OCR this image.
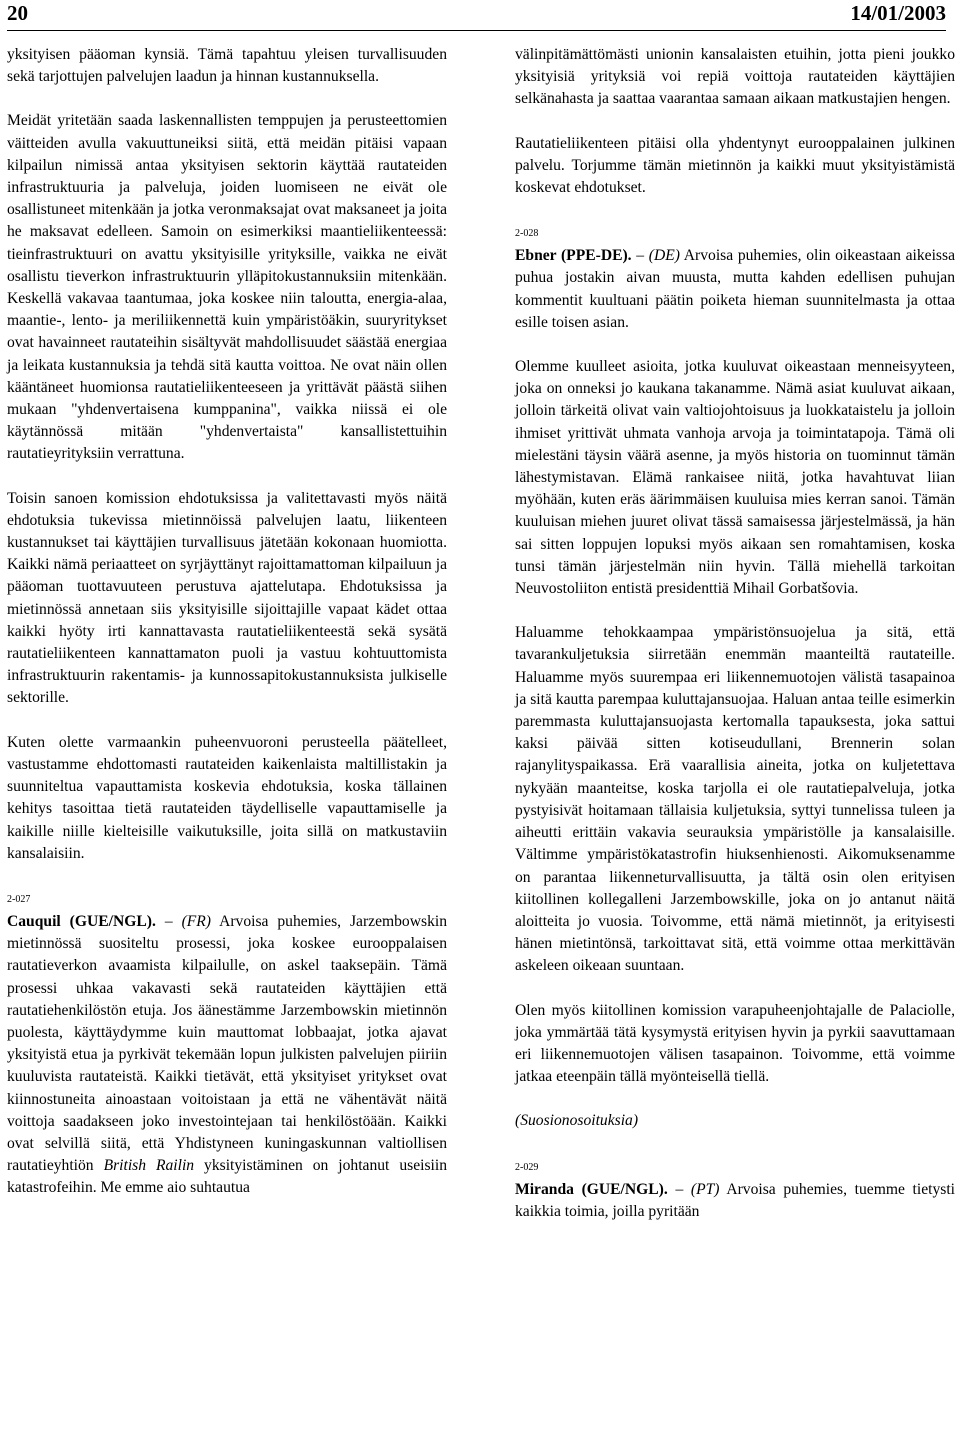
20	14/01/2003

yksityisen pääoman kynsiä. Tämä tapahtuu yleisen turvallisuuden sekä tarjottujen palvelujen laadun ja hinnan kustannuksella.

Meidät yritetään saada laskennallisten temppujen ja perusteettomien väitteiden avulla vakuuttuneiksi siitä, että meidän pitäisi vapaan kilpailun nimissä antaa yksityisen sektorin käyttää rautateiden infrastruktuuria ja palveluja, joiden luomiseen ne eivät ole osallistuneet mitenkään ja jotka veronmaksajat ovat maksaneet ja joita he maksavat edelleen. Samoin on esimerkiksi maantieliikenteessä: tieinfrastruktuuri on avattu yksityisille yrityksille, vaikka ne eivät osallistu tieverkon infrastruktuurin ylläpitokustannuksiin mitenkään. Keskellä vakavaa taantumaa, joka koskee niin taloutta, energia-alaa, maantie-, lento- ja meriliikennettä kuin ympäristöäkin, suuryritykset ovat havainneet rautateihin sisältyvät mahdollisuudet säästää energiaa ja leikata kustannuksia ja tehdä sitä kautta voittoa. Ne ovat näin ollen kääntäneet huomionsa rautatieliikenteeseen ja yrittävät päästä siihen mukaan "yhdenvertaisena kumppanina", vaikka niissä ei ole käytännössä mitään "yhdenvertaista" kansallistettuihin rautatieyrityksiin verrattuna.

Toisin sanoen komission ehdotuksissa ja valitettavasti myös näitä ehdotuksia tukevissa mietinnöissä palvelujen laatu, liikenteen kustannukset tai käyttäjien turvallisuus jätetään kokonaan huomiotta. Kaikki nämä periaatteet on syrjäyttänyt rajoittamattoman kilpailuun ja pääoman tuottavuuteen perustuva ajattelutapa. Ehdotuksissa ja mietinnössä annetaan siis yksityisille sijoittajille vapaat kädet ottaa kaikki hyöty irti kannattavasta rautatieliikenteestä sekä sysätä rautatieliikenteen kannattamaton puoli ja vastuu kohtuuttomista infrastruktuurin rakentamis- ja kunnossapitokustannuksista julkiselle sektorille.

Kuten olette varmaankin puheenvuoroni perusteella päätelleet, vastustamme ehdottomasti rautateiden kaikenlaista maltillistakin ja suunniteltua vapauttamista koskevia ehdotuksia, koska tällainen kehitys tasoittaa tietä rautateiden täydelliselle vapauttamiselle ja kaikille niille kielteisille vaikutuksille, joita sillä on matkustaviin kansalaisiin.

2-027

Cauquil (GUE/NGL). – (FR) Arvoisa puhemies, Jarzembowskin mietinnössä suositeltu prosessi, joka koskee eurooppalaisen rautatieverkon avaamista kilpailulle, on askel taaksepäin. Tämä prosessi uhkaa vakavasti sekä rautateiden käyttäjien että rautatiehenkilöstön etuja. Jos äänestämme Jarzembowskin mietinnön puolesta, käyttäydymme kuin mauttomat lobbaajat, jotka ajavat yksityistä etua ja pyrkivät tekemään lopun julkisten palvelujen piiriin kuuluvista rautateistä. Kaikki tietävät, että yksityiset yritykset ovat kiinnostuneita ainoastaan voitoistaan ja että ne vähentävät näitä voittoja saadakseen joko investointejaan tai henkilöstöään. Kaikki ovat selvillä siitä, että Yhdistyneen kuningaskunnan valtiollisen rautatieyhtiön British Railin yksityistäminen on johtanut useisiin katastrofeihin. Me emme aio suhtautua

välinpitämättömästi unionin kansalaisten etuihin, jotta pieni joukko yksityisiä yrityksiä voi repiä voittoja rautateiden käyttäjien selkänahasta ja saattaa vaarantaa samaan aikaan matkustajien hengen.

Rautatieliikenteen pitäisi olla yhdentynyt eurooppalainen julkinen palvelu. Torjumme tämän mietinnön ja kaikki muut yksityistämistä koskevat ehdotukset.

2-028

Ebner (PPE-DE). – (DE) Arvoisa puhemies, olin oikeastaan aikeissa puhua jostakin aivan muusta, mutta kahden edellisen puhujan kommentit kuultuani päätin poiketa hieman suunnitelmasta ja ottaa esille toisen asian.

Olemme kuulleet asioita, jotka kuuluvat oikeastaan menneisyyteen, joka on onneksi jo kaukana takanamme. Nämä asiat kuuluvat aikaan, jolloin tärkeitä olivat vain valtiojohtoisuus ja luokkataistelu ja jolloin ihmiset yrittivät uhmata vanhoja arvoja ja toimintatapoja. Tämä oli mielestäni täysin väärä asenne, ja myös historia on tuominnut tämän lähestymistavan. Elämä rankaisee niitä, jotka havahtuvat liian myöhään, kuten eräs äärimmäisen kuuluisa mies kerran sanoi. Tämän kuuluisan miehen juuret olivat tässä samaisessa järjestelmässä, ja hän sai sitten loppujen lopuksi myös aikaan sen romahtamisen, koska tunsi tämän järjestelmän niin hyvin. Tällä miehellä tarkoitan Neuvostoliiton entistä presidenttiä Mihail Gorbatšovia.

Haluamme tehokkaampaa ympäristönsuojelua ja sitä, että tavarankuljetuksia siirretään enemmän maanteiltä rautateille. Haluamme myös suurempaa eri liikennemuotojen välistä tasapainoa ja sitä kautta parempaa kuluttajansuojaa. Haluan antaa teille esimerkin paremmasta kuluttajansuojasta kertomalla tapauksesta, joka sattui kaksi päivää sitten kotiseudullani, Brennerin solan rajanylityspaikassa. Erä vaarallisia aineita, jotka on kuljetettava nykyään maanteitse, koska tarjolla ei ole rautatiepalveluja, jotka pystyisivät hoitamaan tällaisia kuljetuksia, syttyi tunnelissa tuleen ja aiheutti erittäin vakavia seurauksia ympäristölle ja kansalaisille. Vältimme ympäristökatastrofin hiuksenhienosti. Aikomuksenamme on parantaa liikenneturvallisuutta, ja tältä osin olen erityisen kiitollinen kollegalleni Jarzembowskille, joka on jo antanut näitä aloitteita jo vuosia. Toivomme, että nämä mietinnöt, ja erityisesti hänen mietintönsä, tarkoittavat sitä, että voimme ottaa merkittävän askeleen oikeaan suuntaan.

Olen myös kiitollinen komission varapuheenjohtajalle de Palaciolle, joka ymmärtää tätä kysymystä erityisen hyvin ja pyrkii saavuttamaan eri liikennemuotojen välisen tasapainon. Toivomme, että voimme jatkaa eteenpäin tällä myönteisellä tiellä.

(Suosionosoituksia)

2-029

Miranda (GUE/NGL). – (PT) Arvoisa puhemies, tuemme tietysti kaikkia toimia, joilla pyritään
